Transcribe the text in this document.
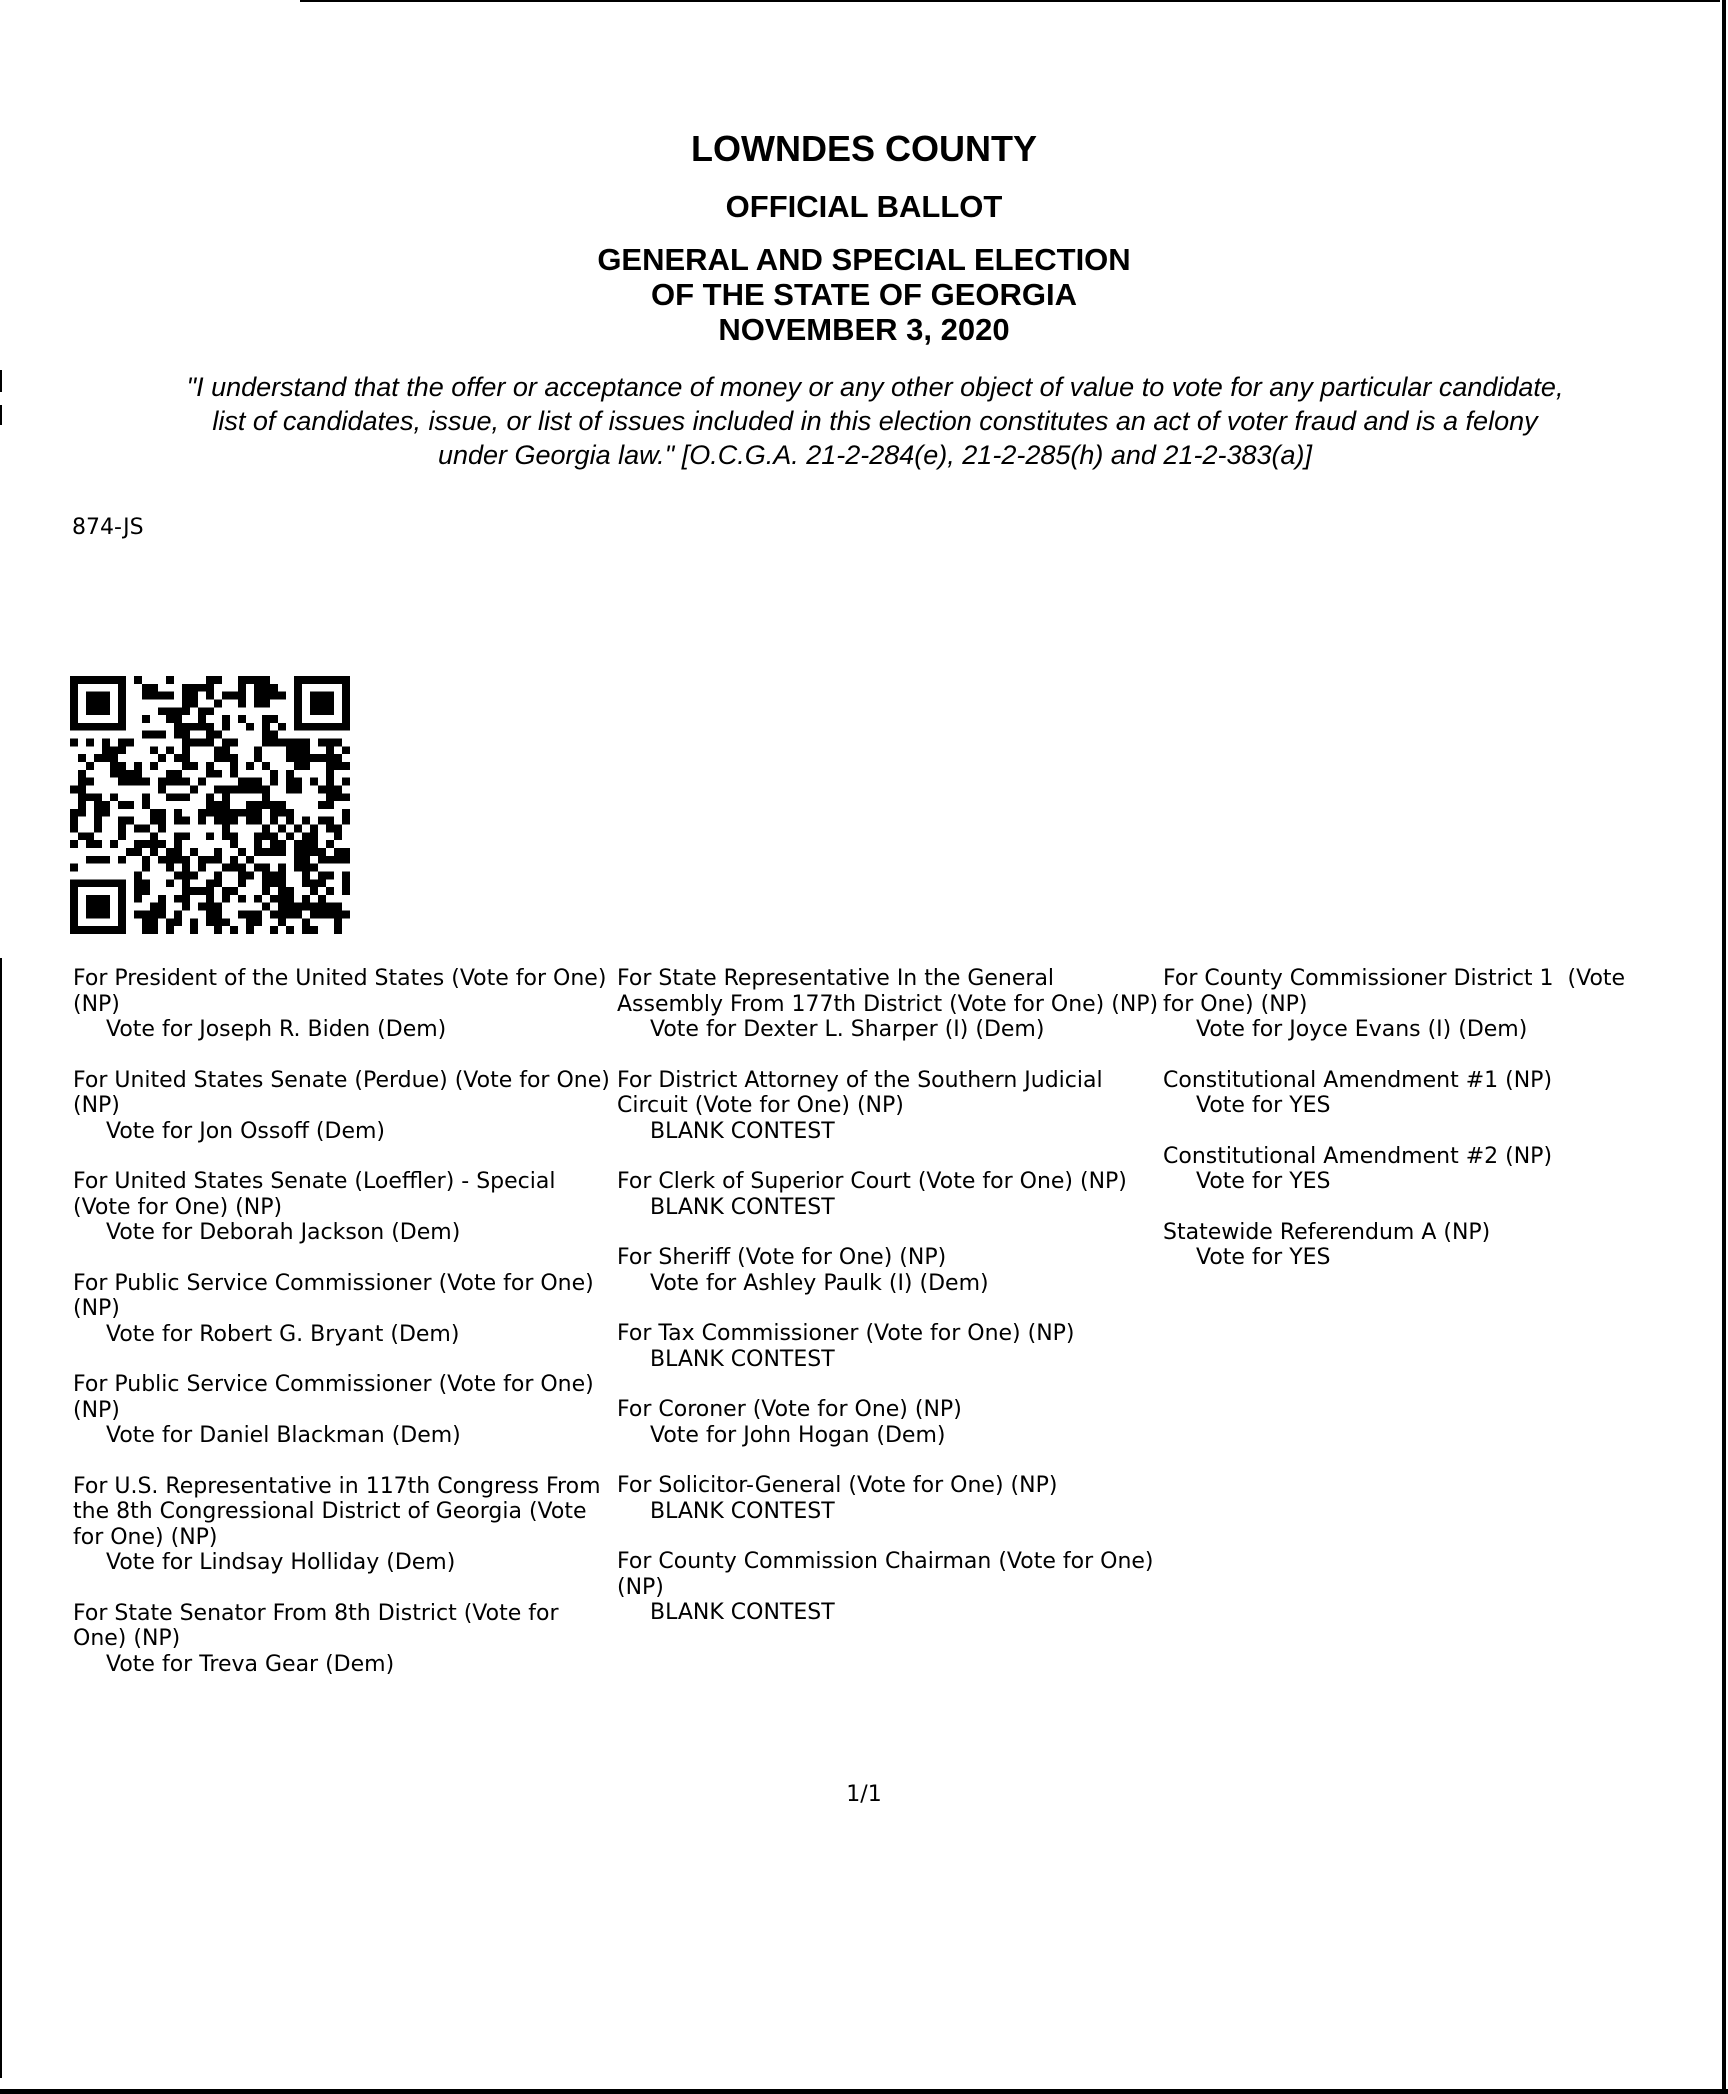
LOWNDES COUNTY
OFFICIAL BALLOT
GENERAL AND SPECIAL ELECTION
OF THE STATE OF GEORGIA
NOVEMBER 3, 2020
"I understand that the offer or acceptance of money or any other object of value to vote for any particular candidate,
list of candidates, issue, or list of issues included in this election constitutes an act of voter fraud and is a felony
under Georgia law." [O.C.G.A. 21-2-284(e), 21-2-285(h) and 21-2-383(a)]
874-JS
For President of the United States (Vote for One) (NP)
Vote for Joseph R. Biden (Dem)
For United States Senate (Perdue) (Vote for One) (NP)
Vote for Jon Ossoff (Dem)
For United States Senate (Loeffler) - Special (Vote for One) (NP)
Vote for Deborah Jackson (Dem)
For Public Service Commissioner (Vote for One) (NP)
Vote for Robert G. Bryant (Dem)
For Public Service Commissioner (Vote for One) (NP)
Vote for Daniel Blackman (Dem)
For U.S. Representative in 117th Congress From the 8th Congressional District of Georgia (Vote for One) (NP)
Vote for Lindsay Holliday (Dem)
For State Senator From 8th District (Vote for One) (NP)
Vote for Treva Gear (Dem)
For State Representative In the General Assembly From 177th District (Vote for One) (NP)
Vote for Dexter L. Sharper (I) (Dem)
For District Attorney of the Southern Judicial Circuit (Vote for One) (NP)
BLANK CONTEST
For Clerk of Superior Court (Vote for One) (NP)
BLANK CONTEST
For Sheriff (Vote for One) (NP)
Vote for Ashley Paulk (I) (Dem)
For Tax Commissioner (Vote for One) (NP)
BLANK CONTEST
For Coroner (Vote for One) (NP)
Vote for John Hogan (Dem)
For Solicitor-General (Vote for One) (NP)
BLANK CONTEST
For County Commission Chairman (Vote for One) (NP)
BLANK CONTEST
For County Commissioner District 1  (Vote
for One) (NP)
Vote for Joyce Evans (I) (Dem)
Constitutional Amendment #1 (NP)
Vote for YES
Constitutional Amendment #2 (NP)
Vote for YES
Statewide Referendum A (NP)
Vote for YES
1/1
